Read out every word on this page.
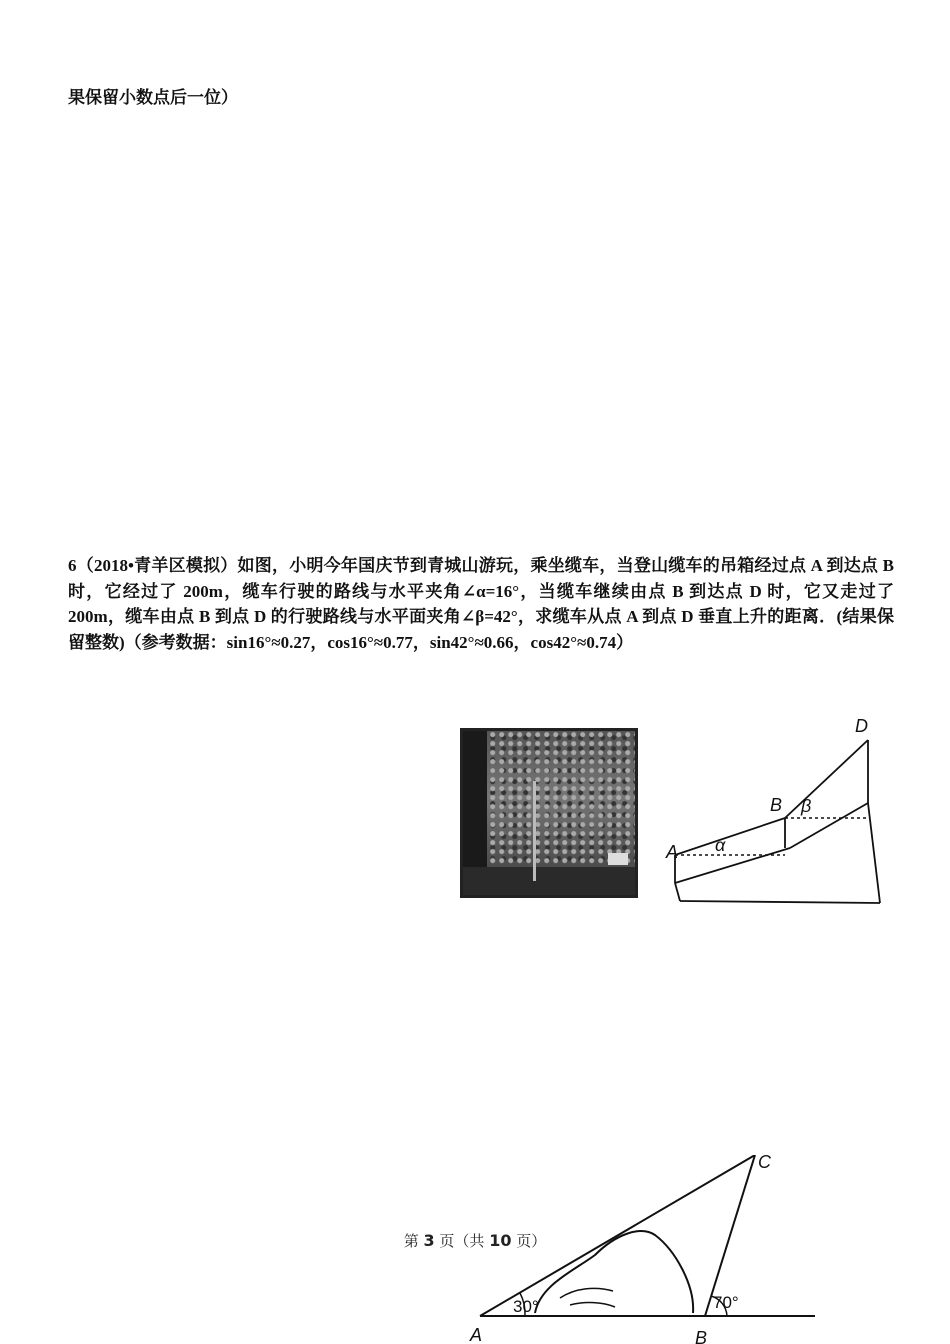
果保留小数点后一位）

6（2018•青羊区模拟）如图，小明今年国庆节到青城山游玩，乘坐缆车，当登山缆车的吊箱经过点 A 到达点 B 时，它经过了 200m，缆车行驶的路线与水平夹角∠α=16°，当缆车继续由点 B 到达点 D 时，它又走过了 200m，缆车由点 B 到点 D 的行驶路线与水平面夹角∠β=42°，求缆车从点 A 到点 D 垂直上升的距离．(结果保留整数)（参考数据：sin16°≈0.27，cos16°≈0.77，sin42°≈0.66，cos42°≈0.74）

A
B
D
α
β
A	B
C
30°	70°
第 3 页（共 10 页）
